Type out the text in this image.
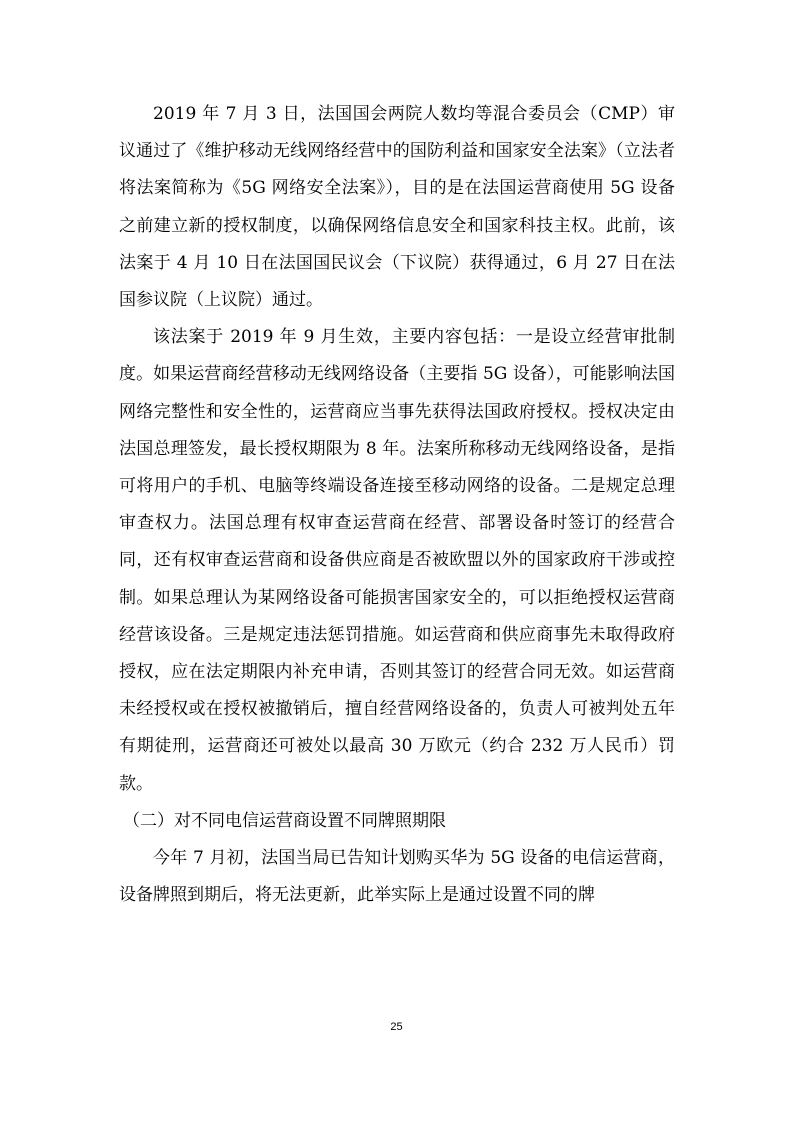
2019 年 7 月 3 日，法国国会两院人数均等混合委员会（CMP）审议通过了《维护移动无线网络经营中的国防利益和国家安全法案》（立法者将法案简称为《5G 网络安全法案》），目的是在法国运营商使用 5G 设备之前建立新的授权制度，以确保网络信息安全和国家科技主权。此前，该法案于 4 月 10 日在法国国民议会（下议院）获得通过，6 月 27 日在法国参议院（上议院）通过。

该法案于 2019 年 9 月生效，主要内容包括：一是设立经营审批制度。如果运营商经营移动无线网络设备（主要指 5G 设备），可能影响法国网络完整性和安全性的，运营商应当事先获得法国政府授权。授权决定由法国总理签发，最长授权期限为 8 年。法案所称移动无线网络设备，是指可将用户的手机、电脑等终端设备连接至移动网络的设备。二是规定总理审查权力。法国总理有权审查运营商在经营、部署设备时签订的经营合同，还有权审查运营商和设备供应商是否被欧盟以外的国家政府干涉或控制。如果总理认为某网络设备可能损害国家安全的，可以拒绝授权运营商经营该设备。三是规定违法惩罚措施。如运营商和供应商事先未取得政府授权，应在法定期限内补充申请，否则其签订的经营合同无效。如运营商未经授权或在授权被撤销后，擅自经营网络设备的，负责人可被判处五年有期徒刑，运营商还可被处以最高 30 万欧元（约合 232 万人民币）罚款。

（二）对不同电信运营商设置不同牌照期限

今年 7 月初，法国当局已告知计划购买华为 5G 设备的电信运营商，设备牌照到期后，将无法更新，此举实际上是通过设置不同的牌

25
